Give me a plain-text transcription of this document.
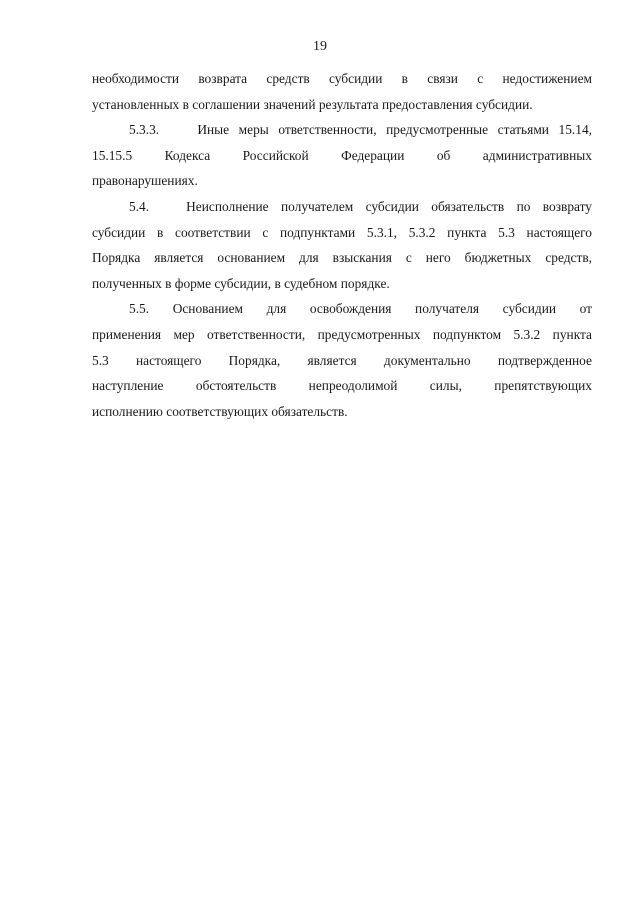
19

необходимости возврата средств субсидии в связи с недостижением
установленных в соглашении значений результата предоставления субсидии.

5.3.3.    Иные меры ответственности, предусмотренные статьями 15.14,
15.15.5 Кодекса Российской Федерации об административных
правонарушениях.

5.4.   Неисполнение получателем субсидии обязательств по возврату
субсидии в соответствии с подпунктами 5.3.1, 5.3.2 пункта 5.3 настоящего
Порядка является основанием для взыскания с него бюджетных средств,
полученных в форме субсидии, в судебном порядке.

5.5. Основанием для освобождения получателя субсидии от
применения мер ответственности, предусмотренных подпунктом 5.3.2 пункта
5.3 настоящего Порядка, является документально подтвержденное
наступление обстоятельств непреодолимой силы, препятствующих
исполнению соответствующих обязательств.
